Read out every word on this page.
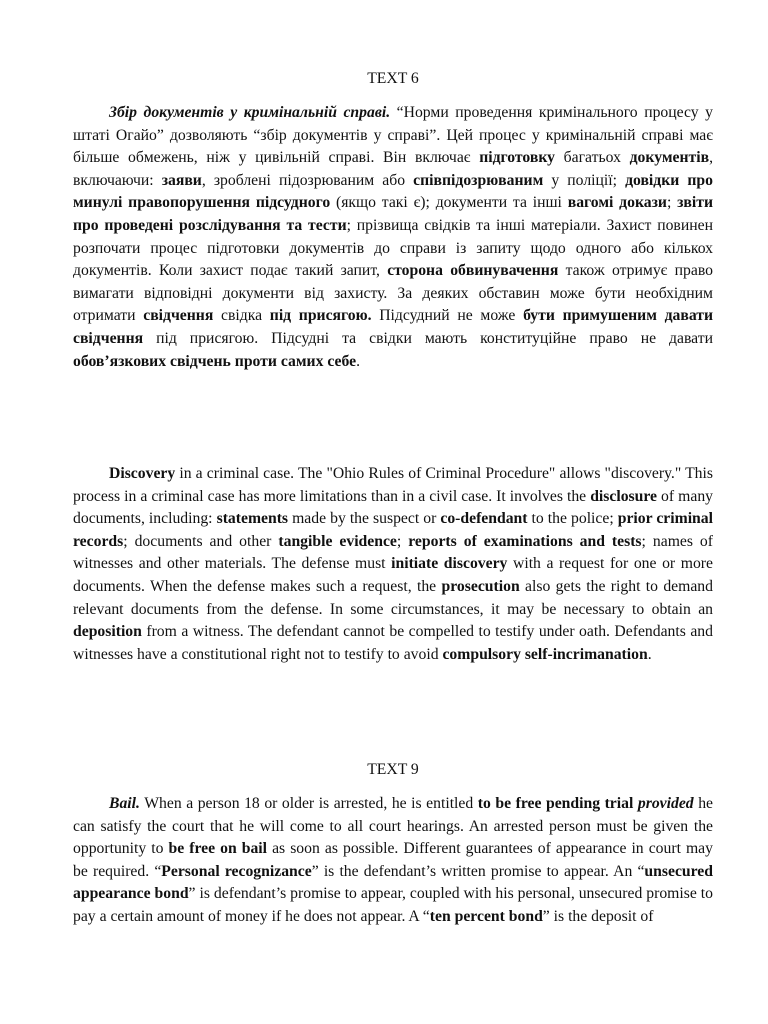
TEXT 6

Збір документів у кримінальній справі. “Норми проведення кримінального процесу у штаті Огайо” дозволяють “збір документів у справі”. Цей процес у кримінальній справі має більше обмежень, ніж у цивільній справі. Він включає підготовку багатьох документів, включаючи: заяви, зроблені підозрюваним або співпідозрюваним у поліції; довідки про минулі правопорушення підсудного (якщо такі є); документи та інші вагомі докази; звіти про проведені розслідування та тести; прізвища свідків та інші матеріали. Захист повинен розпочати процес підготовки документів до справи із запиту щодо одного або кількох документів. Коли захист подає такий запит, сторона обвинувачення також отримує право вимагати відповідні документи від захисту. За деяких обставин може бути необхідним отримати свідчення свідка під присягою. Підсудний не може бути примушеним давати свідчення під присягою. Підсудні та свідки мають конституційне право не давати обов’язкових свідчень проти самих себе.

Discovery in a criminal case. The "Ohio Rules of Criminal Procedure" allows "discovery." This process in a criminal case has more limitations than in a civil case. It involves the disclosure of many documents, including: statements made by the suspect or co-defendant to the police; prior criminal records; documents and other tangible evidence; reports of examinations and tests; names of witnesses and other materials. The defense must initiate discovery with a request for one or more documents. When the defense makes such a request, the prosecution also gets the right to demand relevant documents from the defense. In some circumstances, it may be necessary to obtain an deposition from a witness. The defendant cannot be compelled to testify under oath. Defendants and witnesses have a constitutional right not to testify to avoid compulsory self-incrimanation.

TEXT 9

Bail. When a person 18 or older is arrested, he is entitled to be free pending trial provided he can satisfy the court that he will come to all court hearings. An arrested person must be given the opportunity to be free on bail as soon as possible. Different guarantees of appearance in court may be required. “Personal recognizance” is the defendant’s written promise to appear. An “unsecured appearance bond” is defendant’s promise to appear, coupled with his personal, unsecured promise to pay a certain amount of money if he does not appear. A “ten percent bond” is the deposit of
